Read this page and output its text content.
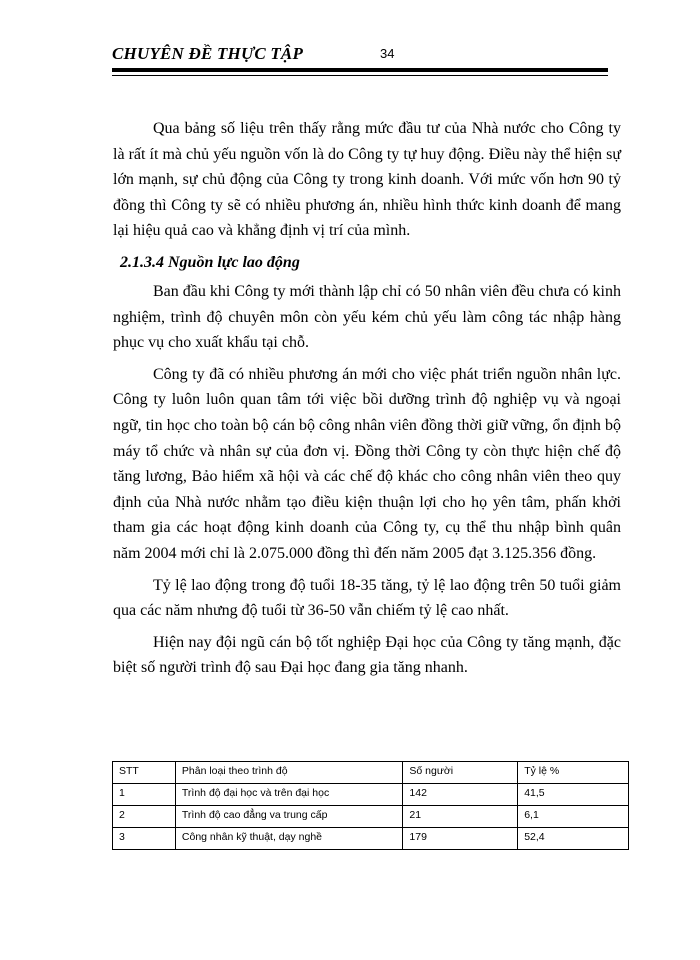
CHUYÊN ĐỀ THỰC TẬP	34

Qua bảng số liệu trên thấy rằng mức đầu tư của Nhà nước cho Công ty là rất ít mà chủ yếu nguồn vốn là do Công ty tự huy động. Điều này thể hiện sự lớn mạnh, sự chủ động của Công ty trong kinh doanh. Với mức vốn hơn 90 tỷ đồng thì Công ty sẽ có nhiều phương án, nhiều hình thức kinh doanh để mang lại hiệu quả cao và khẳng định vị trí của mình.

2.1.3.4 Nguồn lực lao động

Ban đầu khi Công ty mới thành lập chỉ có 50 nhân viên đều chưa có kinh nghiệm, trình độ chuyên môn còn yếu kém chủ yếu làm công tác nhập hàng phục vụ cho xuất khẩu tại chỗ.

Công ty đã có nhiều phương án mới cho việc phát triển nguồn nhân lực. Công ty luôn luôn quan tâm tới việc bồi dưỡng trình độ nghiệp vụ và ngoại ngữ, tin học cho toàn bộ cán bộ công nhân viên đồng thời giữ vững, ổn định bộ máy tổ chức và nhân sự của đơn vị. Đồng thời Công ty còn thực hiện chế độ tăng lương, Bảo hiểm xã hội và các chế độ khác cho công nhân viên theo quy định của Nhà nước nhằm tạo điều kiện thuận lợi cho họ yên tâm, phấn khởi tham gia các hoạt động kinh doanh của Công ty, cụ thể thu nhập bình quân năm 2004 mới chỉ là 2.075.000 đồng thì đến năm 2005 đạt 3.125.356 đồng.

Tỷ lệ lao động trong độ tuổi 18-35 tăng, tỷ lệ lao động trên 50 tuổi giảm qua các năm nhưng độ tuổi từ 36-50 vẫn chiếm tỷ lệ cao nhất.

Hiện nay đội ngũ cán bộ tốt nghiệp Đại học của Công ty tăng mạnh, đặc biệt số người trình độ sau Đại học đang gia tăng nhanh.

STT	Phân loại theo trình độ	Số người	Tỷ lệ %
1	Trình độ đại học và trên đại học	142	41,5
2	Trình độ cao đẳng va trung cấp	21	6,1
3	Công nhân kỹ thuật, dạy nghề	179	52,4
